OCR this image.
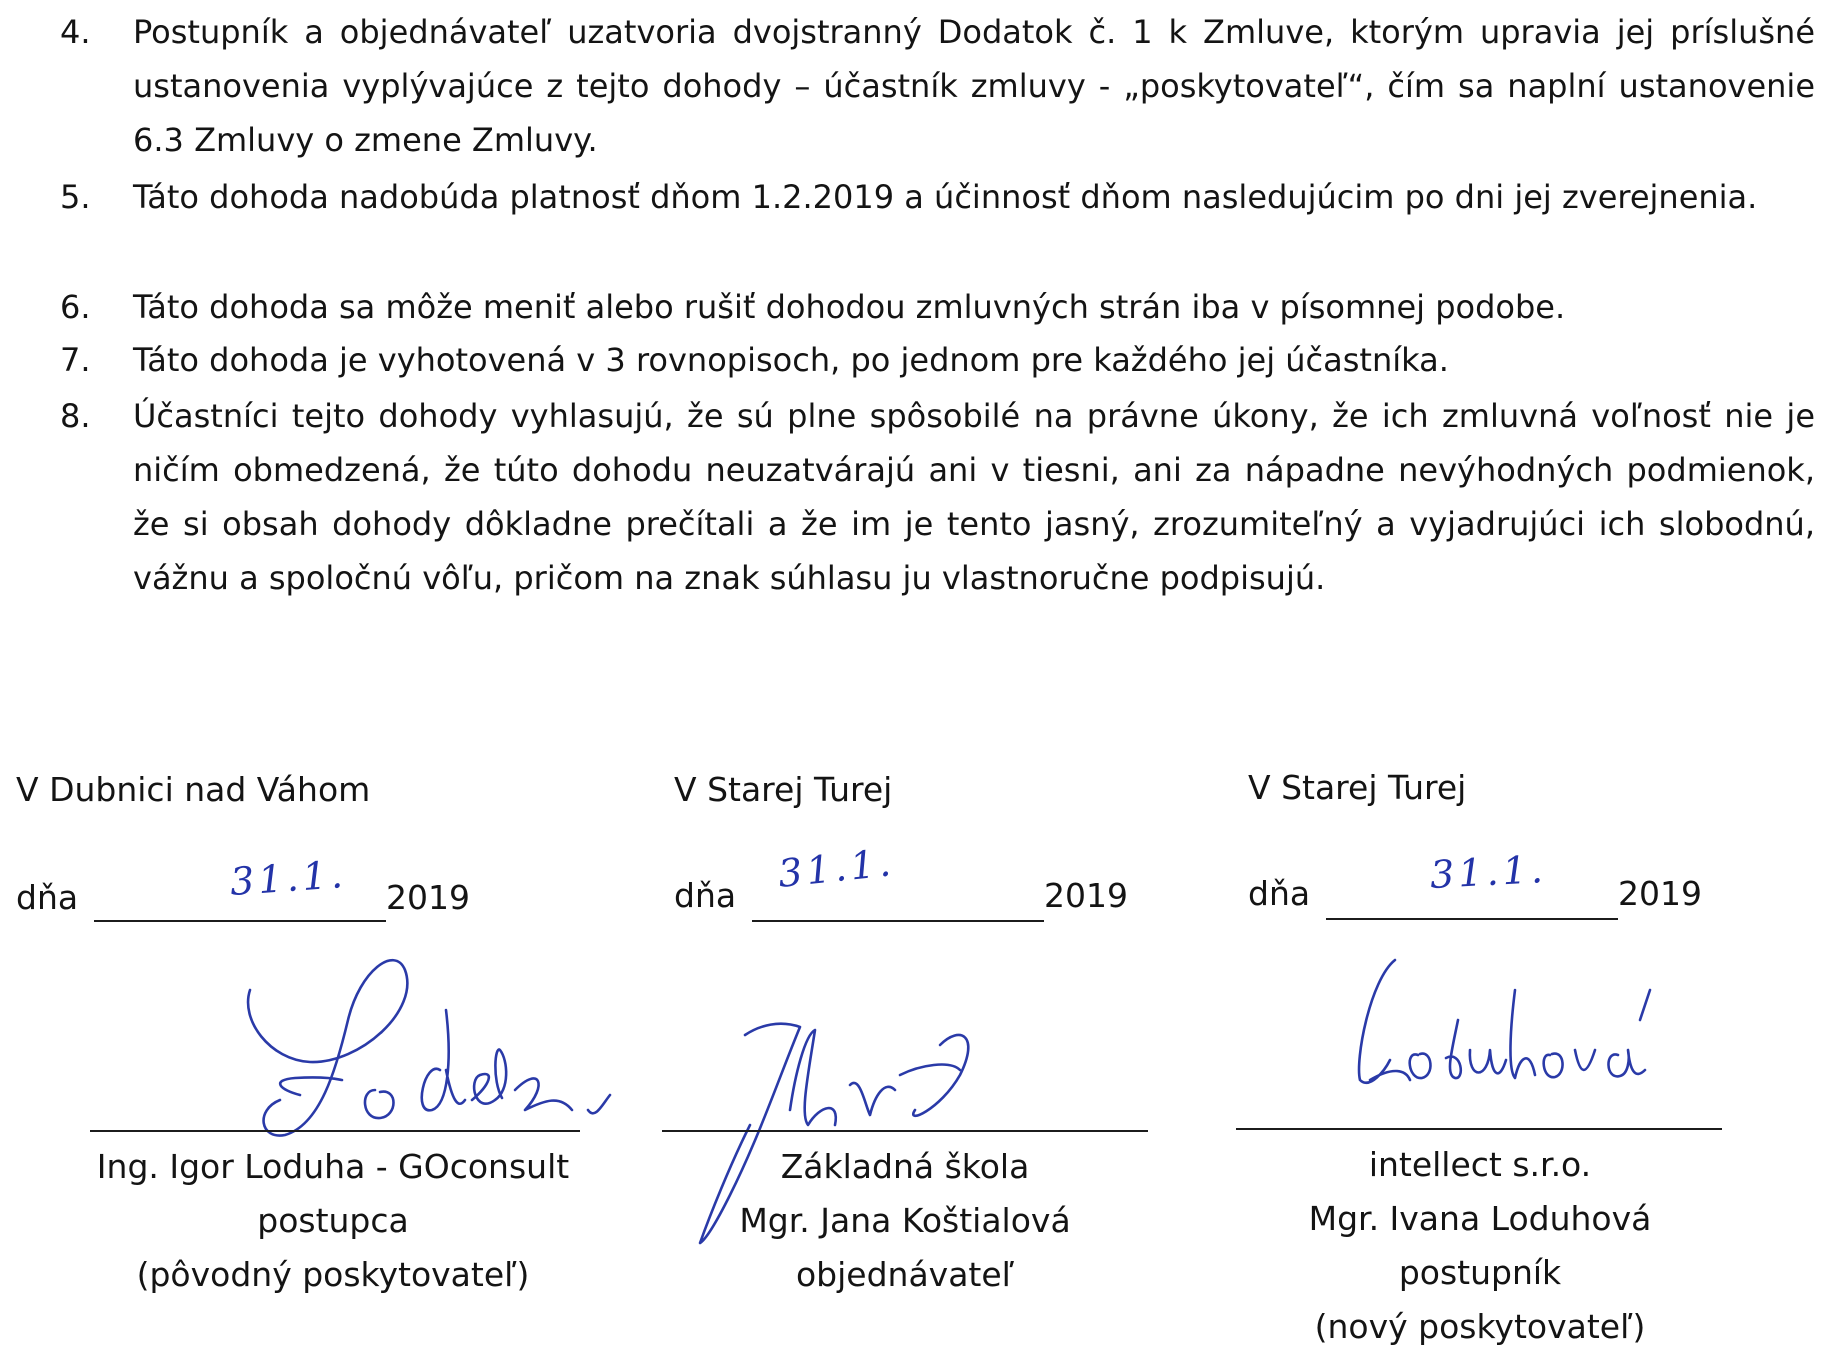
4. Postupník a objednávateľ uzatvoria dvojstranný Dodatok č. 1 k Zmluve, ktorým upravia jej príslušné ustanovenia vyplývajúce z tejto dohody – účastník zmluvy - „poskytovateľ“, čím sa naplní ustanovenie 6.3 Zmluvy o zmene Zmluvy.
5. Táto dohoda nadobúda platnosť dňom 1.2.2019 a účinnosť dňom nasledujúcim po dni jej zverejnenia.
6. Táto dohoda sa môže meniť alebo rušiť dohodou zmluvných strán iba v písomnej podobe.
7. Táto dohoda je vyhotovená v 3 rovnopisoch, po jednom pre každého jej účastníka.
8. Účastníci tejto dohody vyhlasujú, že sú plne spôsobilé na právne úkony, že ich zmluvná voľnosť nie je ničím obmedzená, že túto dohodu neuzatvárajú ani v tiesni, ani za nápadne nevýhodných podmienok, že si obsah dohody dôkladne prečítali a že im je tento jasný, zrozumiteľný a vyjadrujúci ich slobodnú, vážnu a spoločnú vôľu, pričom na znak súhlasu ju vlastnoručne podpisujú.
V Dubnici nad Váhom
dňa	31.1. 2019
Ing. Igor Loduha - GOconsult
postupca
(pôvodný poskytovateľ)
V Starej Turej
dňa 31.1.	2019
Základná škola
Mgr. Jana Koštialová
objednávateľ
V Starej Turej
dňa	31.1. 2019
intellect s.r.o.
Mgr. Ivana Loduhová
postupník
(nový poskytovateľ)
